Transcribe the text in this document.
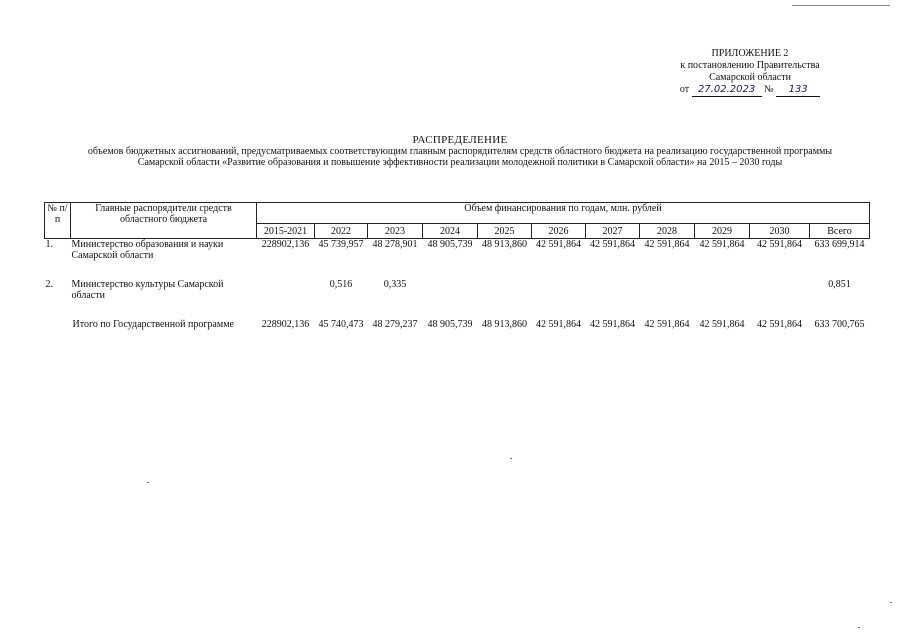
ПРИЛОЖЕНИЕ 2
к постановлению Правительства
Самарской области
от 27.02.2023 № 133
РАСПРЕДЕЛЕНИЕ
объемов бюджетных ассигнований, предусматриваемых соответствующим главным распорядителям средств областного бюджета на реализацию государственной программы
Самарской области «Развитие образования и повышение эффективности реализации молодежной политики в Самарской области» на 2015 – 2030 годы
№ п/п	Главные распорядители средств областного бюджета	Объем финансирования по годам, млн. рублей										
		2015-2021	2022	2023	2024	2025	2026	2027	2028	2029	2030	Всего
1.	Министерство образования и науки Самарской области	228902,136	45 739,957	48 278,901	48 905,739	48 913,860	42 591,864	42 591,864	42 591,864	42 591,864	42 591,864	633 699,914

2.	Министерство культуры Самарской области		0,516	0,335								0,851

Итого по Государственной программе		228902,136	45 740,473	48 279,237	48 905,739	48 913,860	42 591,864	42 591,864	42 591,864	42 591,864	42 591,864	633 700,765
